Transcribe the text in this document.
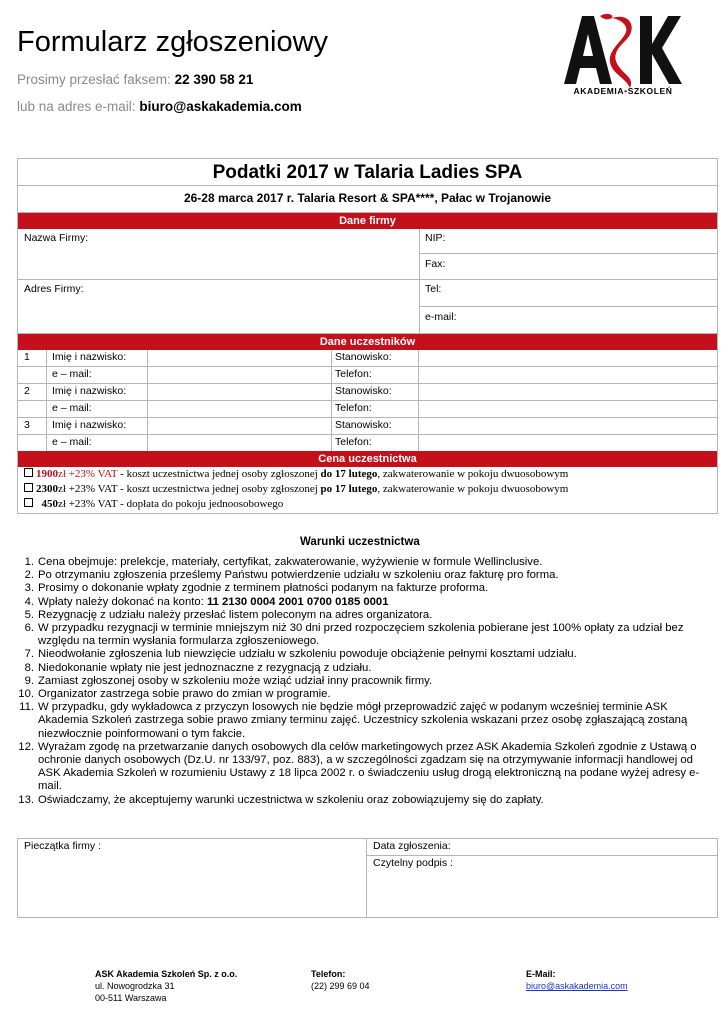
Formularz zgłoszeniowy
Prosimy przesłać faksem: 22 390 58 21
lub na adres e-mail: biuro@askakademia.com
AKADEMIA•SZKOLEŃ
Podatki 2017 w Talaria Ladies SPA
26-28 marca 2017 r. Talaria Resort & SPA****, Pałac w Trojanowie
Dane firmy
Nazwa Firmy:	NIP:
Fax:
Adres Firmy:	Tel:
e-mail:
Dane uczestników
1 Imię i nazwisko:	Stanowisko:
e – mail:	Telefon:
2 Imię i nazwisko:	Stanowisko:
e – mail:	Telefon:
3 Imię i nazwisko:	Stanowisko:
e – mail:	Telefon:
Cena uczestnictwa
1900zł +23% VAT - koszt uczestnictwa jednej osoby zgłoszonej do 17 lutego, zakwaterowanie w pokoju dwuosobowym
2300zł +23% VAT - koszt uczestnictwa jednej osoby zgłoszonej po 17 lutego, zakwaterowanie w pokoju dwuosobowym
450zł +23% VAT - dopłata do pokoju jednoosobowego
Warunki uczestnictwa
1. Cena obejmuje: prelekcje, materiały, certyfikat, zakwaterowanie, wyżywienie w formule Wellinclusive.
2. Po otrzymaniu zgłoszenia prześlemy Państwu potwierdzenie udziału w szkoleniu oraz fakturę pro forma.
3. Prosimy o dokonanie wpłaty zgodnie z terminem płatności podanym na fakturze proforma.
4. Wpłaty należy dokonać na konto: 11 2130 0004 2001 0700 0185 0001
5. Rezygnację z udziału należy przesłać listem poleconym na adres organizatora.
6. W przypadku rezygnacji w terminie mniejszym niż 30 dni przed rozpoczęciem szkolenia pobierane jest 100% opłaty za udział bez względu na termin wysłania formularza zgłoszeniowego.
7. Nieodwołanie zgłoszenia lub niewzięcie udziału w szkoleniu powoduje obciążenie pełnymi kosztami udziału.
8. Niedokonanie wpłaty nie jest jednoznaczne z rezygnacją z udziału.
9. Zamiast zgłoszonej osoby w szkoleniu może wziąć udział inny pracownik firmy.
10. Organizator zastrzega sobie prawo do zmian w programie.
11. W przypadku, gdy wykładowca z przyczyn losowych nie będzie mógł przeprowadzić zajęć w podanym wcześniej terminie ASK Akademia Szkoleń zastrzega sobie prawo zmiany terminu zajęć. Uczestnicy szkolenia wskazani przez osobę zgłaszającą zostaną niezwłocznie poinformowani o tym fakcie.
12. Wyrażam zgodę na przetwarzanie danych osobowych dla celów marketingowych przez ASK Akademia Szkoleń zgodnie z Ustawą o ochronie danych osobowych (Dz.U. nr 133/97, poz. 883), a w szczególności zgadzam się na otrzymywanie informacji handlowej od ASK Akademia Szkoleń w rozumieniu Ustawy z 18 lipca 2002 r. o świadczeniu usług drogą elektroniczną na podane wyżej adresy e-mail.
13. Oświadczamy, że akceptujemy warunki uczestnictwa w szkoleniu oraz zobowiązujemy się do zapłaty.
Pieczątka firmy :	Data zgłoszenia:
Czytelny podpis :
ASK Akademia Szkoleń Sp. z o.o.
ul. Nowogrodzka 31
00-511 Warszawa
Telefon:
(22) 299 69 04
E-Mail:
biuro@askakademia.com
